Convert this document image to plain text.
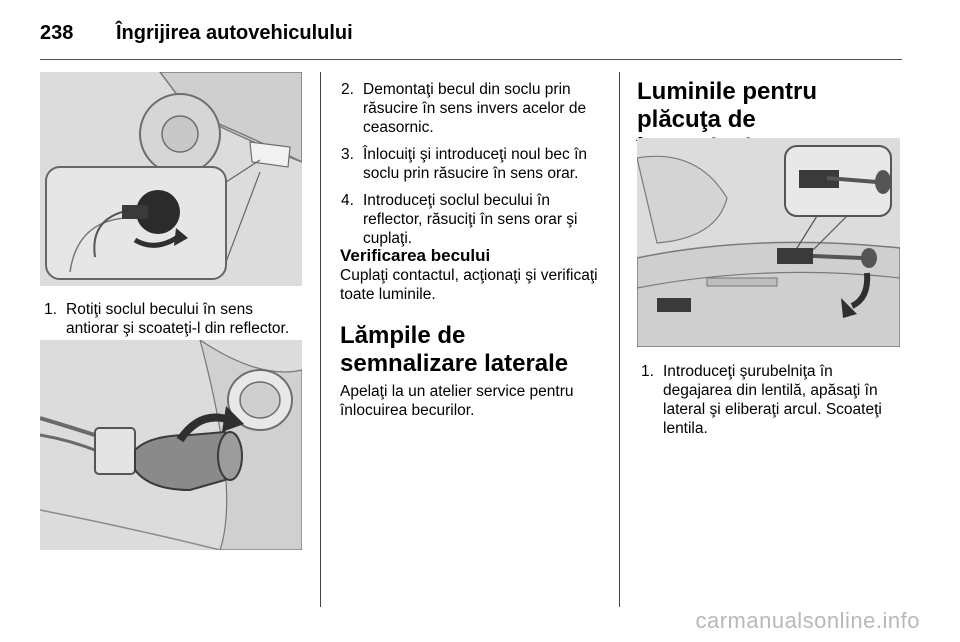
238 Îngrijirea autovehiculului
1. Rotiţi soclul becului în sens antiorar şi scoateţi-l din reflector.
2. Demontaţi becul din soclu prin răsucire în sens invers acelor de ceasornic.
3. Înlocuiţi şi introduceţi noul bec în soclu prin răsucire în sens orar.
4. Introduceţi soclul becului în reflector, răsuciţi în sens orar şi cuplaţi.
Verificarea becului
Cuplaţi contactul, acţionaţi şi verificaţi toate luminile.
Lămpile de semnalizare laterale
Apelaţi la un atelier service pentru înlocuirea becurilor.
Luminile pentru plăcuţa de
1. Introduceţi şurubelniţa în degajarea din lentilă, apăsaţi în lateral şi eliberaţi arcul. Scoateţi lentila.
carmanualsonline.info
